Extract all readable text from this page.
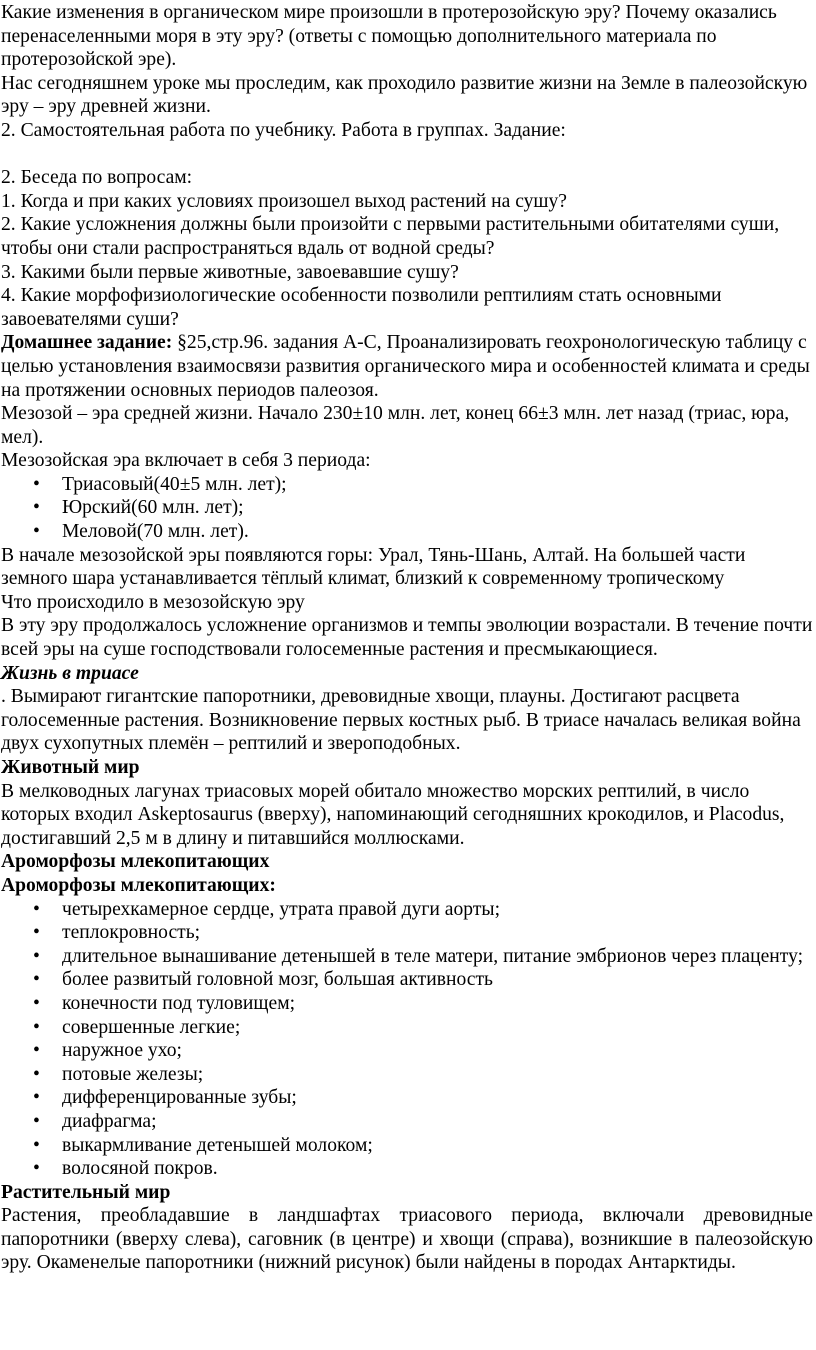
Какие изменения в органическом мире произошли в протерозойскую эру? Почему оказались перенаселенными моря в эту эру? (ответы с помощью дополнительного материала по протерозойской эре).

Нас сегодняшнем уроке мы проследим, как проходило развитие жизни на Земле в палеозойскую эру – эру древней жизни.

2. Самостоятельная работа по учебнику. Работа в группах. Задание:

2. Беседа по вопросам:

1. Когда и при каких условиях произошел выход растений на сушу?

2. Какие усложнения должны были произойти с первыми растительными обитателями суши, чтобы они стали распространяться вдаль от водной среды?

3. Какими были первые животные, завоевавшие сушу?

4. Какие морфофизиологические особенности позволили рептилиям стать основными завоевателями суши?

Домашнее задание: §25,стр.96. задания А-С, Проанализировать геохронологическую таблицу с целью установления взаимосвязи развития органического мира и особенностей климата и среды на протяжении основных периодов палеозоя.

Мезозой – эра средней жизни. Начало 230±10 млн. лет, конец 66±3 млн. лет назад (триас, юра, мел).

Мезозойская эра включает в себя 3 периода:

• Триасовый(40±5 млн. лет);
• Юрский(60 млн. лет);
• Меловой(70 млн. лет).

В начале мезозойской эры появляются горы: Урал, Тянь-Шань, Алтай. На большей части земного шара устанавливается тёплый климат, близкий к современному тропическому

Что происходило в мезозойскую эру

В эту эру продолжалось усложнение организмов и темпы эволюции возрастали. В течение почти всей эры на суше господствовали голосеменные растения и пресмыкающиеся.

Жизнь в триасе

. Вымирают гигантские папоротники, древовидные хвощи, плауны. Достигают расцвета голосеменные растения. Возникновение первых костных рыб. В триасе началась великая война двух сухопутных племён – рептилий и звероподобных.

Животный мир

В мелководных лагунах триасовых морей обитало множество морских рептилий, в число которых входил Askeptosaurus (вверху), напоминающий сегодняшних крокодилов, и Placodus, достигавший 2,5 м в длину и питавшийся моллюсками.

Ароморфозы млекопитающих

Ароморфозы млекопитающих:

• четырехкамерное сердце, утрата правой дуги аорты;
• теплокровность;
• длительное вынашивание детенышей в теле матери, питание эмбрионов через плаценту;
• более развитый головной мозг, большая активность
• конечности под туловищем;
• совершенные легкие;
• наружное ухо;
• потовые железы;
• дифференцированные зубы;
• диафрагма;
• выкармливание детенышей молоком;
• волосяной покров.

Растительный мир

Растения, преобладавшие в ландшафтах триасового периода, включали древовидные папоротники (вверху слева), саговник (в центре) и хвощи (справа), возникшие в палеозойскую эру. Окаменелые папоротники (нижний рисунок) были найдены в породах Антарктиды.
